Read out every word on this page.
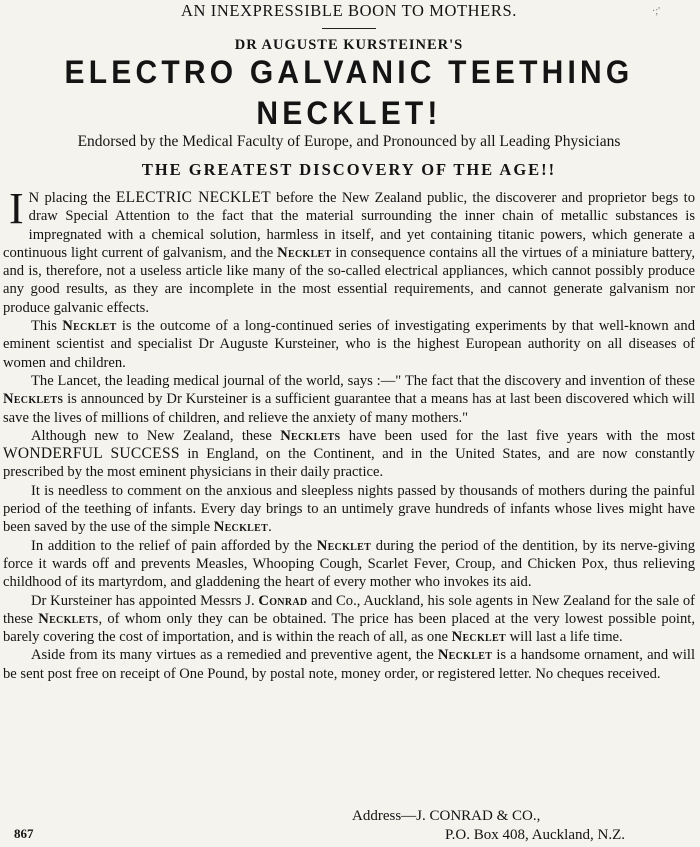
·;'
AN INEXPRESSIBLE BOON TO MOTHERS.
DR AUGUSTE KURSTEINER'S
ELECTRO GALVANIC TEETHING NECKLET!
Endorsed by the Medical Faculty of Europe, and Pronounced by all Leading Physicians
THE GREATEST DISCOVERY OF THE AGE!!

I N placing the ELECTRIC NECKLET before the New Zealand public, the discoverer and proprietor begs to draw Special Attention to the fact that the material surrounding the inner chain of metallic substances is impregnated with a chemical solution, harmless in itself, and yet containing titanic powers, which generate a continuous light current of galvanism, and the Necklet in consequence contains all the virtues of a miniature battery, and is, therefore, not a useless article like many of the so-called electrical appliances, which cannot possibly produce any good results, as they are incomplete in the most essential requirements, and cannot generate galvanism nor produce galvanic effects.

This Necklet is the outcome of a long-continued series of investigating experiments by that well-known and eminent scientist and specialist Dr Auguste Kursteiner, who is the highest European authority on all diseases of women and children.

The Lancet, the leading medical journal of the world, says :—" The fact that the discovery and invention of these Necklets is announced by Dr Kursteiner is a sufficient guarantee that a means has at last been discovered which will save the lives of millions of children, and relieve the anxiety of many mothers."

Although new to New Zealand, these Necklets have been used for the last five years with the most WONDERFUL SUCCESS in England, on the Continent, and in the United States, and are now constantly prescribed by the most eminent physicians in their daily practice.

It is needless to comment on the anxious and sleepless nights passed by thousands of mothers during the painful period of the teething of infants. Every day brings to an untimely grave hundreds of infants whose lives might have been saved by the use of the simple Necklet.

In addition to the relief of pain afforded by the Necklet during the period of the dentition, by its nerve-giving force it wards off and prevents Measles, Whooping Cough, Scarlet Fever, Croup, and Chicken Pox, thus relieving childhood of its martyrdom, and gladdening the heart of every mother who invokes its aid.

Dr Kursteiner has appointed Messrs J. Conrad and Co., Auckland, his sole agents in New Zealand for the sale of these Necklets, of whom only they can be obtained. The price has been placed at the very lowest possible point, barely covering the cost of importation, and is within the reach of all, as one Necklet will last a life time.

Aside from its many virtues as a remedied and preventive agent, the Necklet is a handsome ornament, and will be sent post free on receipt of One Pound, by postal note, money order, or registered letter. No cheques received.

Address—J. CONRAD & CO.,
P.O. Box 408, Auckland, N.Z.
867
